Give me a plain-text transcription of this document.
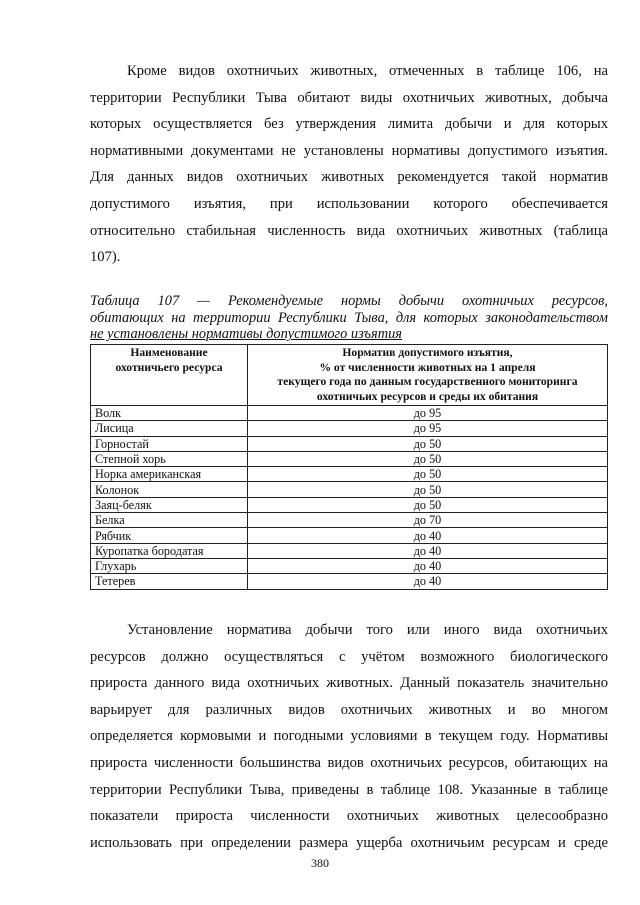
Кроме видов охотничьих животных, отмеченных в таблице 106, на
территории Республики Тыва обитают виды охотничьих животных, добыча
которых осуществляется без утверждения лимита добычи и для которых
нормативными документами не установлены нормативы допустимого изъятия.
Для данных видов охотничьих животных рекомендуется такой норматив
допустимого изъятия, при использовании которого обеспечивается
относительно стабильная численность вида охотничьих животных (таблица
107).
Таблица 107 — Рекомендуемые нормы добычи охотничьих ресурсов,
обитающих на территории Республики Тыва, для которых законодательством
не установлены нормативы допустимого изъятия
Наименование
охотничьего ресурса	Норматив допустимого изъятия,
% от численности животных на 1 апреля
текущего года по данным государственного мониторинга
охотничьих ресурсов и среды их обитания
Волк	до 95
Лисица	до 95
Горностай	до 50
Степной хорь	до 50
Норка американская	до 50
Колонок	до 50
Заяц-беляк	до 50
Белка	до 70
Рябчик	до 40
Куропатка бородатая	до 40
Глухарь	до 40
Тетерев	до 40
Установление норматива добычи того или иного вида охотничьих
ресурсов должно осуществляться с учётом возможного биологического
прироста данного вида охотничьих животных. Данный показатель значительно
варьирует для различных видов охотничьих животных и во многом
определяется кормовыми и погодными условиями в текущем году. Нормативы
прироста численности большинства видов охотничьих ресурсов, обитающих на
территории Республики Тыва, приведены в таблице 108. Указанные в таблице
показатели прироста численности охотничьих животных целесообразно
использовать при определении размера ущерба охотничьим ресурсам и среде
380
